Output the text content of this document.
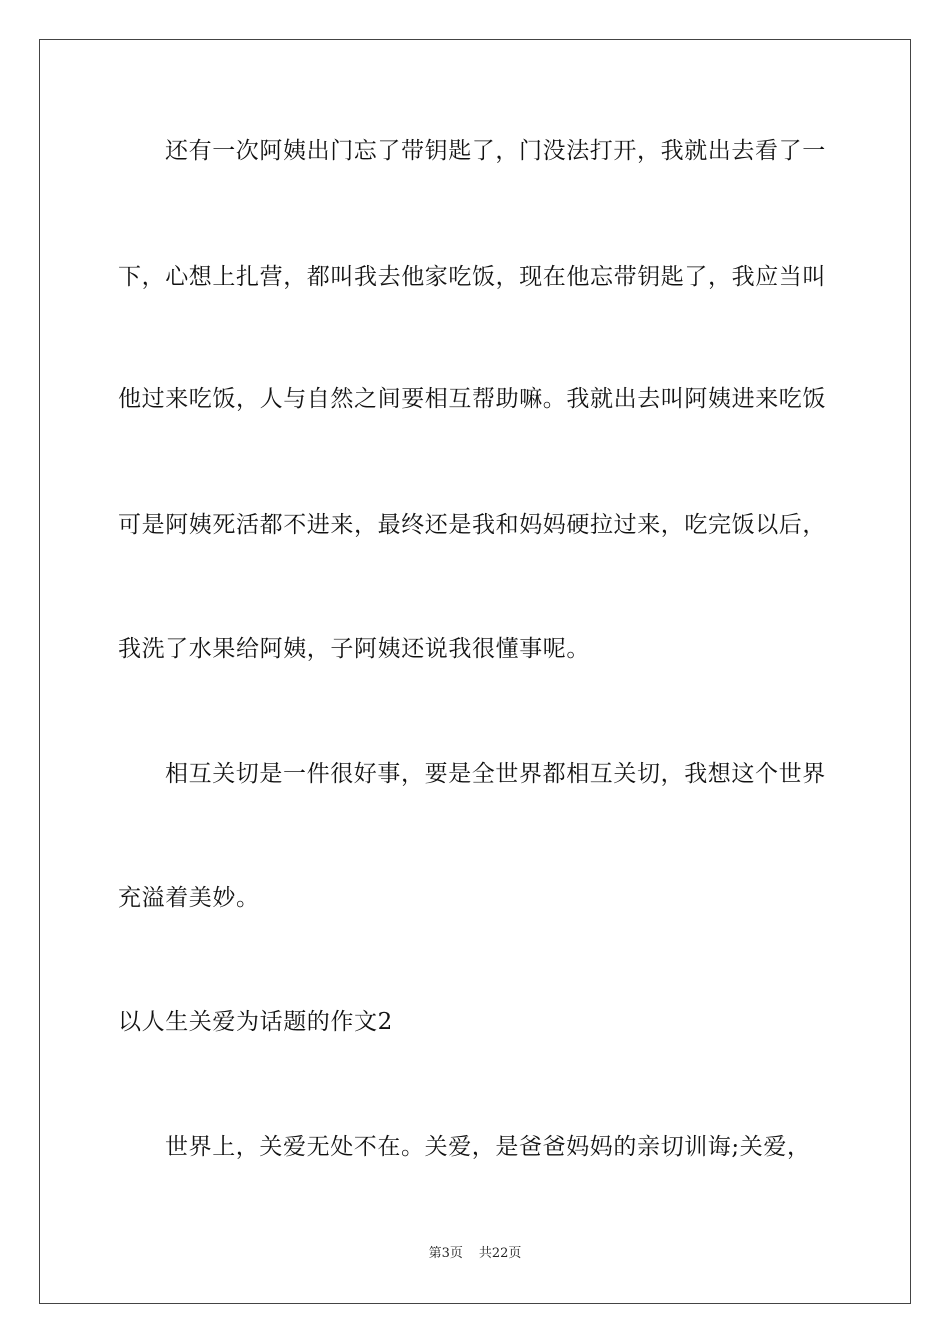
还有一次阿姨出门忘了带钥匙了，门没法打开，我就出去看了一
下，心想上扎营，都叫我去他家吃饭，现在他忘带钥匙了，我应当叫
他过来吃饭，人与自然之间要相互帮助嘛。我就出去叫阿姨进来吃饭
可是阿姨死活都不进来，最终还是我和妈妈硬拉过来，吃完饭以后，
我洗了水果给阿姨，子阿姨还说我很懂事呢。
相互关切是一件很好事，要是全世界都相互关切，我想这个世界
充溢着美妙。
以人生关爱为话题的作文2
世界上，关爱无处不在。关爱，是爸爸妈妈的亲切训诲;关爱，
第3页 共22页
